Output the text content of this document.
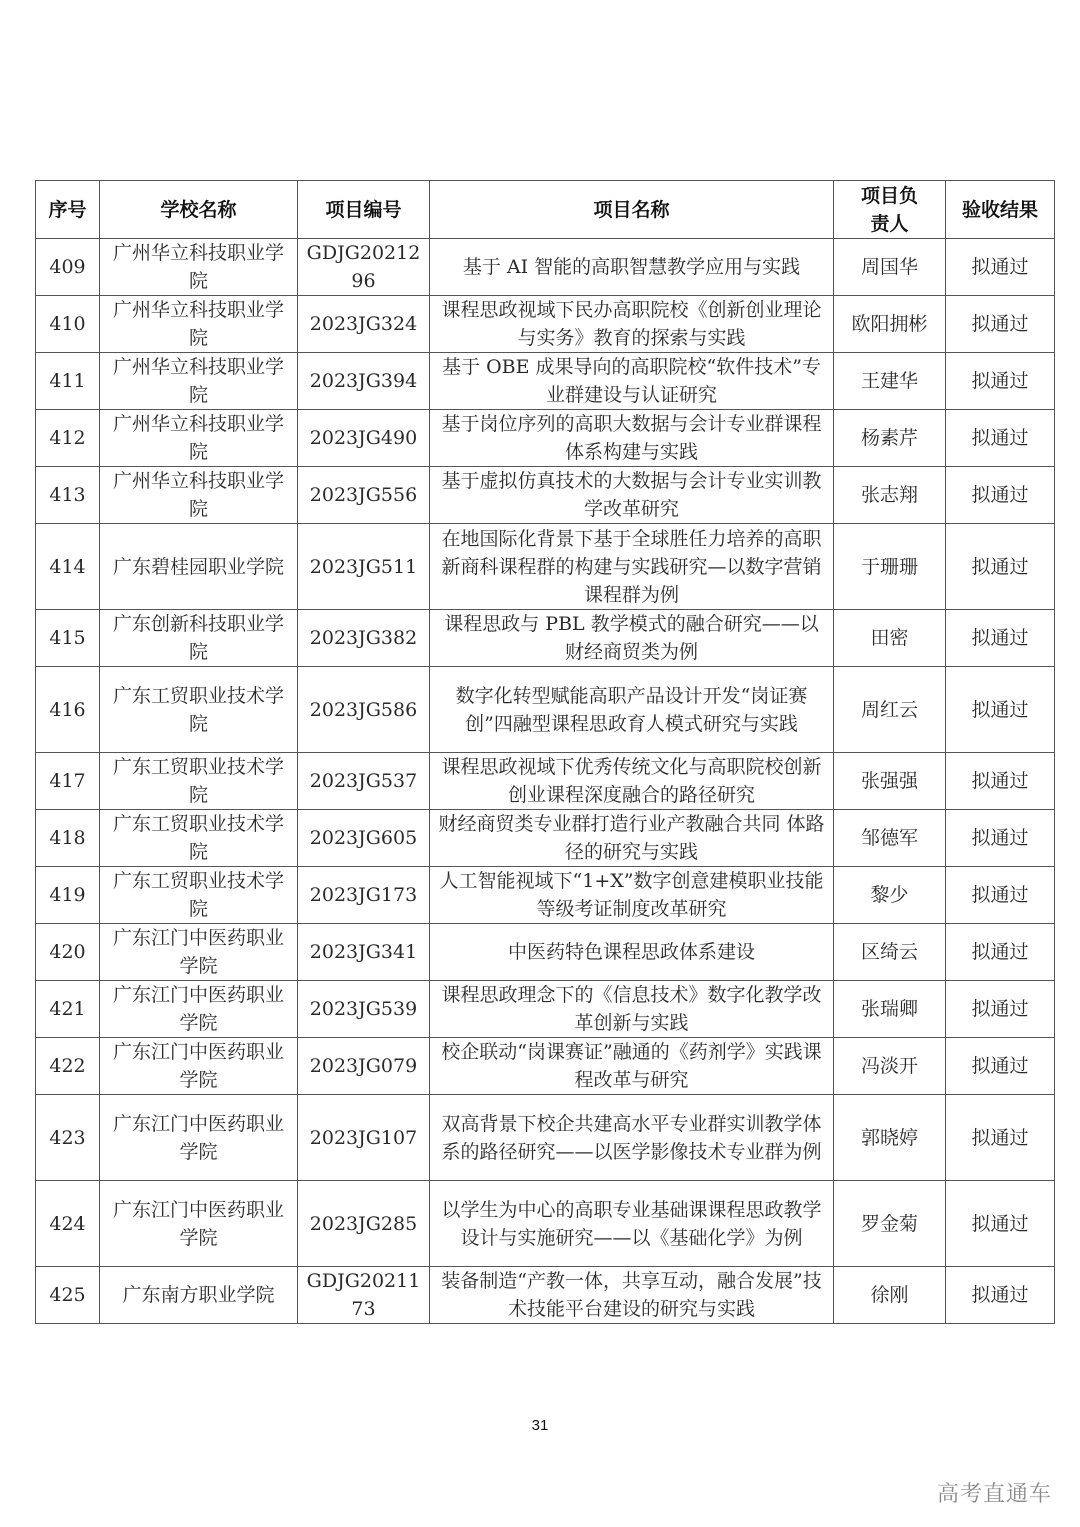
序号	学校名称	项目编号	项目名称	项目负责人	验收结果
409	广州华立科技职业学院	GDJG2021296	基于 AI 智能的高职智慧教学应用与实践	周国华	拟通过
410	广州华立科技职业学院	2023JG324	课程思政视域下民办高职院校《创新创业理论与实务》教育的探索与实践	欧阳拥彬	拟通过
411	广州华立科技职业学院	2023JG394	基于 OBE 成果导向的高职院校“软件技术”专业群建设与认证研究	王建华	拟通过
412	广州华立科技职业学院	2023JG490	基于岗位序列的高职大数据与会计专业群课程体系构建与实践	杨素芹	拟通过
413	广州华立科技职业学院	2023JG556	基于虚拟仿真技术的大数据与会计专业实训教学改革研究	张志翔	拟通过
414	广东碧桂园职业学院	2023JG511	在地国际化背景下基于全球胜任力培养的高职新商科课程群的构建与实践研究—以数字营销课程群为例	于珊珊	拟通过
415	广东创新科技职业学院	2023JG382	课程思政与 PBL 教学模式的融合研究——以财经商贸类为例	田密	拟通过
416	广东工贸职业技术学院	2023JG586	数字化转型赋能高职产品设计开发“岗证赛创”四融型课程思政育人模式研究与实践	周红云	拟通过
417	广东工贸职业技术学院	2023JG537	课程思政视域下优秀传统文化与高职院校创新创业课程深度融合的路径研究	张强强	拟通过
418	广东工贸职业技术学院	2023JG605	财经商贸类专业群打造行业产教融合共同 体路径的研究与实践	邹德军	拟通过
419	广东工贸职业技术学院	2023JG173	人工智能视域下“1+X”数字创意建模职业技能等级考证制度改革研究	黎少	拟通过
420	广东江门中医药职业学院	2023JG341	中医药特色课程思政体系建设	区绮云	拟通过
421	广东江门中医药职业学院	2023JG539	课程思政理念下的《信息技术》数字化教学改革创新与实践	张瑞卿	拟通过
422	广东江门中医药职业学院	2023JG079	校企联动“岗课赛证”融通的《药剂学》实践课程改革与研究	冯淡开	拟通过
423	广东江门中医药职业学院	2023JG107	双高背景下校企共建高水平专业群实训教学体系的路径研究——以医学影像技术专业群为例	郭晓婷	拟通过
424	广东江门中医药职业学院	2023JG285	以学生为中心的高职专业基础课课程思政教学设计与实施研究——以《基础化学》为例	罗金菊	拟通过
425	广东南方职业学院	GDJG2021173	装备制造“产教一体，共享互动，融合发展”技术技能平台建设的研究与实践	徐刚	拟通过
31
高考直通车
